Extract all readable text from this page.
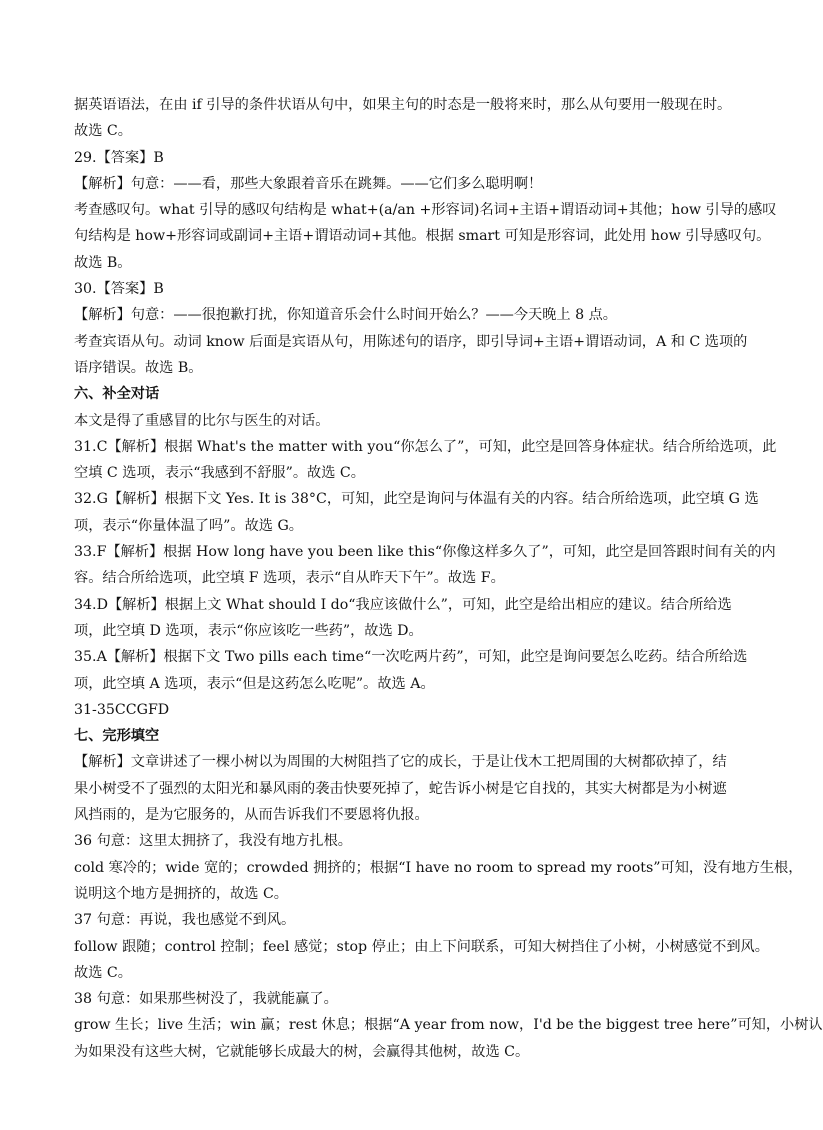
据英语语法，在由 if 引导的条件状语从句中，如果主句的时态是一般将来时，那么从句要用一般现在时。
故选 C。
29.【答案】B
【解析】句意：——看，那些大象跟着音乐在跳舞。——它们多么聪明啊！
考查感叹句。what 引导的感叹句结构是 what+(a/an +形容词)名词+主语+谓语动词+其他；how 引导的感叹
句结构是 how+形容词或副词+主语+谓语动词+其他。根据 smart 可知是形容词，此处用 how 引导感叹句。
故选 B。
30.【答案】B
【解析】句意：——很抱歉打扰，你知道音乐会什么时间开始么？——今天晚上 8 点。
考查宾语从句。动词 know 后面是宾语从句，用陈述句的语序，即引导词+主语+谓语动词，A 和 C 选项的
语序错误。故选 B。
六、补全对话
本文是得了重感冒的比尔与医生的对话。
31.C【解析】根据 What's the matter with you“你怎么了”，可知，此空是回答身体症状。结合所给选项，此
空填 C 选项，表示“我感到不舒服”。故选 C。
32.G【解析】根据下文 Yes. It is 38°C，可知，此空是询问与体温有关的内容。结合所给选项，此空填 G 选
项，表示“你量体温了吗”。故选 G。
33.F【解析】根据 How long have you been like this“你像这样多久了”，可知，此空是回答跟时间有关的内
容。结合所给选项，此空填 F 选项，表示“自从昨天下午”。故选 F。
34.D【解析】根据上文 What should I do“我应该做什么”，可知，此空是给出相应的建议。结合所给选
项，此空填 D 选项，表示“你应该吃一些药”，故选 D。
35.A【解析】根据下文 Two pills each time“一次吃两片药”，可知，此空是询问要怎么吃药。结合所给选
项，此空填 A 选项，表示“但是这药怎么吃呢”。故选 A。
31-35CCGFD
七、完形填空
【解析】文章讲述了一棵小树以为周围的大树阻挡了它的成长，于是让伐木工把周围的大树都砍掉了，结
果小树受不了强烈的太阳光和暴风雨的袭击快要死掉了，蛇告诉小树是它自找的，其实大树都是为小树遮
风挡雨的，是为它服务的，从而告诉我们不要恩将仇报。
36 句意：这里太拥挤了，我没有地方扎根。
cold 寒冷的；wide 宽的；crowded 拥挤的；根据“I have no room to spread my roots”可知，没有地方生根，
说明这个地方是拥挤的，故选 C。
37 句意：再说，我也感觉不到风。
follow 跟随；control 控制；feel 感觉；stop 停止；由上下问联系，可知大树挡住了小树，小树感觉不到风。
故选 C。
38 句意：如果那些树没了，我就能赢了。
grow 生长；live 生活；win 赢；rest 休息；根据“A year from now，I'd be the biggest tree here”可知，小树认
为如果没有这些大树，它就能够长成最大的树，会赢得其他树，故选 C。
